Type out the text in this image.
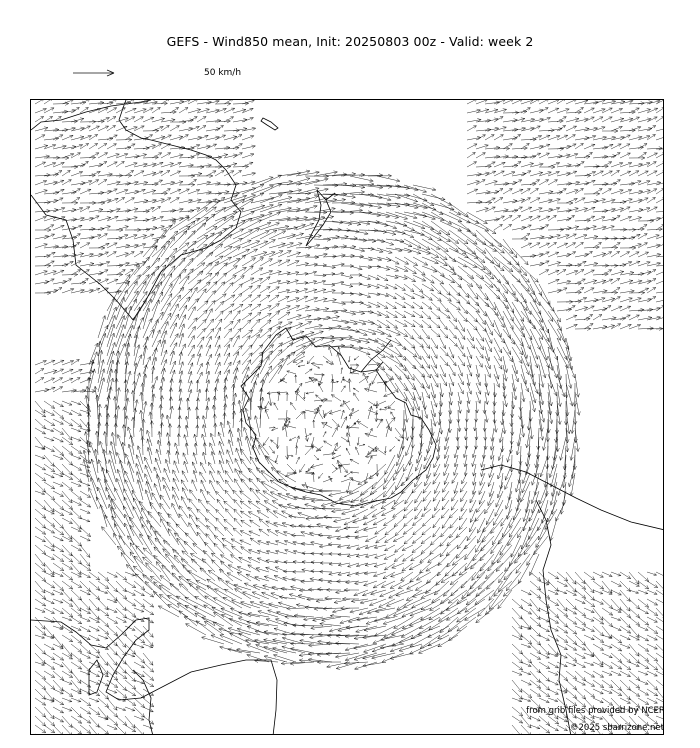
GEFS - Wind850 mean, Init: 20250803 00z - Valid: week 2
50 km/h
from grib files provided by NCEP
©2025 sbarrizone.net
